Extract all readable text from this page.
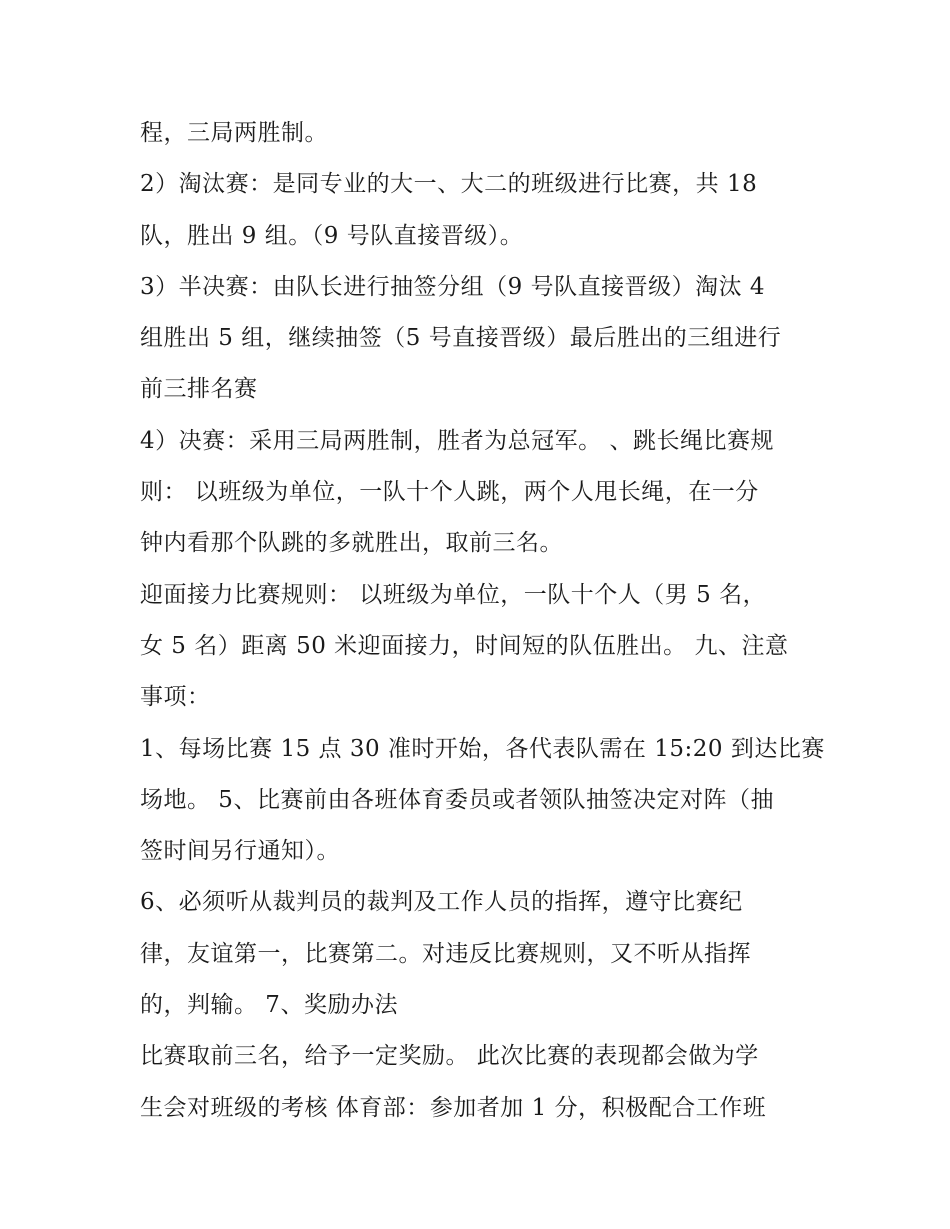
程，三局两胜制。
2）淘汰赛：是同专业的大一、大二的班级进行比赛，共 18
队，胜出 9 组。（9 号队直接晋级）。
3）半决赛：由队长进行抽签分组（9 号队直接晋级）淘汰 4
组胜出 5 组，继续抽签（5 号直接晋级）最后胜出的三组进行
前三排名赛
4）决赛：采用三局两胜制，胜者为总冠军。 、跳长绳比赛规
则： 以班级为单位，一队十个人跳，两个人甩长绳，在一分
钟内看那个队跳的多就胜出，取前三名。
迎面接力比赛规则： 以班级为单位，一队十个人（男 5 名，
女 5 名）距离 50 米迎面接力，时间短的队伍胜出。 九、注意
事项：
1、每场比赛 15 点 30 准时开始，各代表队需在 15:20 到达比赛
场地。 5、比赛前由各班体育委员或者领队抽签决定对阵（抽
签时间另行通知）。
6、必须听从裁判员的裁判及工作人员的指挥，遵守比赛纪
律，友谊第一，比赛第二。对违反比赛规则，又不听从指挥
的，判输。 7、奖励办法
比赛取前三名，给予一定奖励。 此次比赛的表现都会做为学
生会对班级的考核 体育部：参加者加 1 分，积极配合工作班
